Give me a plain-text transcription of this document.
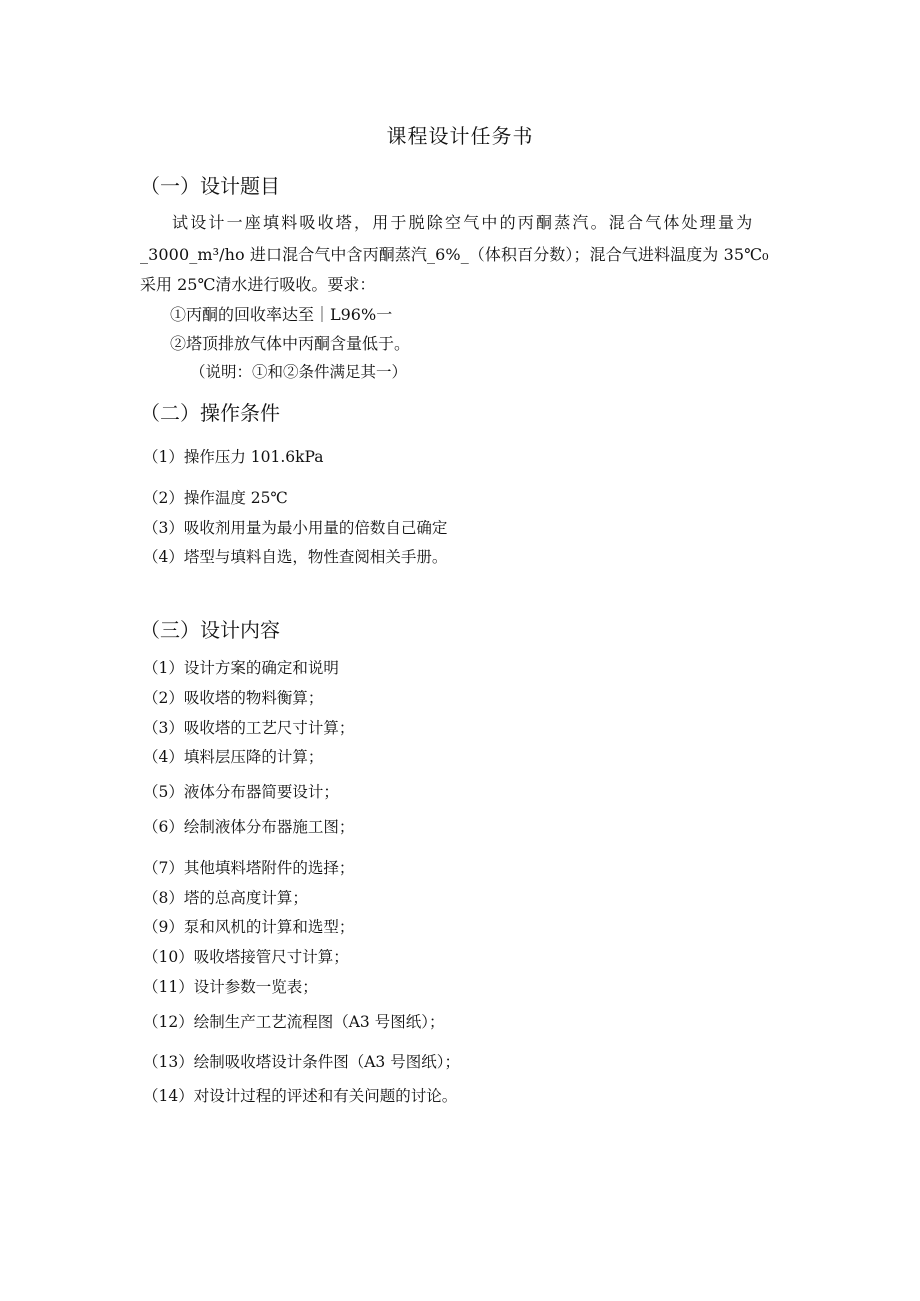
课程设计任务书
（一）设计题目
试设计一座填料吸收塔，用于脱除空气中的丙酮蒸汽。混合气体处理量为
_3000_m³/ho 进口混合气中含丙酮蒸汽_6%_（体积百分数）；混合气进料温度为 35℃₀
采用 25℃清水进行吸收。要求：
①丙酮的回收率达至｜L96%一
②塔顶排放气体中丙酮含量低于。
（说明：①和②条件满足其一）
（二）操作条件
（1）操作压力 101.6kPa
（2）操作温度 25℃
（3）吸收剂用量为最小用量的倍数自己确定
（4）塔型与填料自选，物性查阅相关手册。
（三）设计内容
（1）设计方案的确定和说明
（2）吸收塔的物料衡算；
（3）吸收塔的工艺尺寸计算；
（4）填料层压降的计算；
（5）液体分布器简要设计；
（6）绘制液体分布器施工图；
（7）其他填料塔附件的选择；
（8）塔的总高度计算；
（9）泵和风机的计算和选型；
（10）吸收塔接管尺寸计算；
（11）设计参数一览表；
（12）绘制生产工艺流程图（A3 号图纸）；
（13）绘制吸收塔设计条件图（A3 号图纸）；
（14）对设计过程的评述和有关问题的讨论。
